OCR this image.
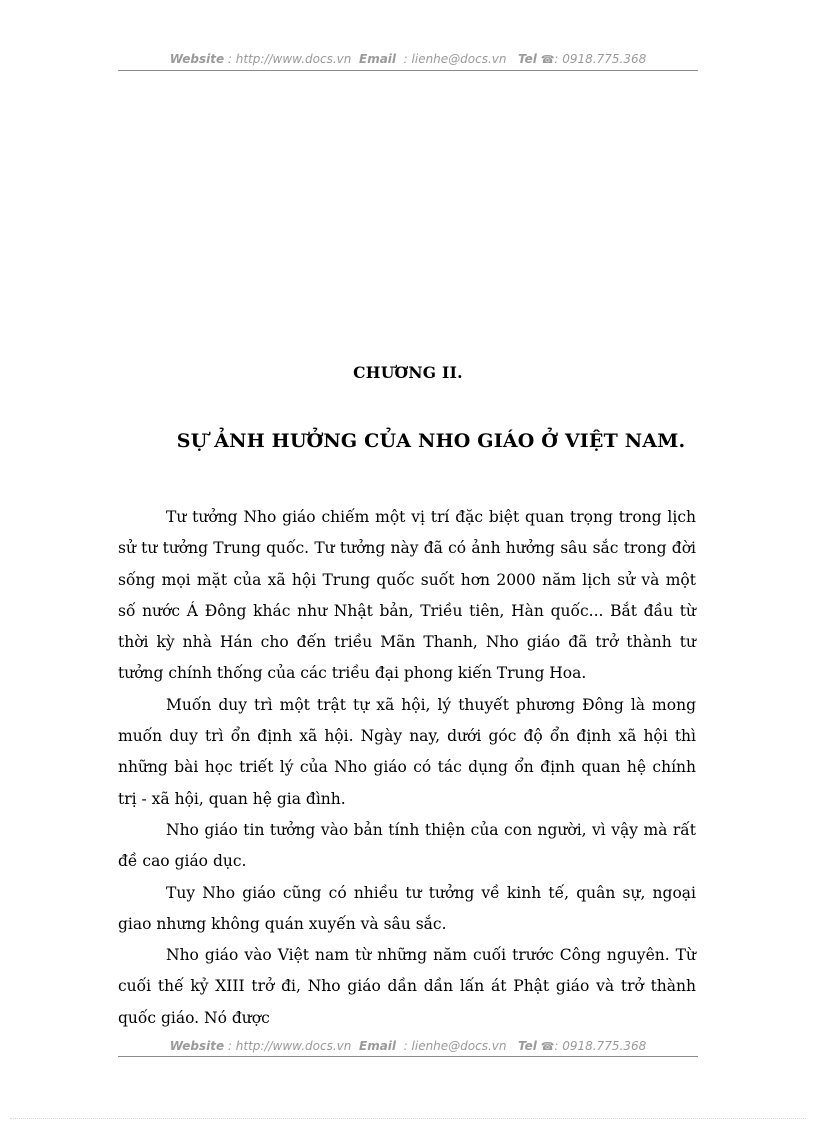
Website : http://www.docs.vn Email : lienhe@docs.vn Tel ☎: 0918.775.368
CHƯƠNG II.
SỰ ẢNH HƯỞNG CỦA NHO GIÁO Ở VIỆT NAM.

Tư tưởng Nho giáo chiếm một vị trí đặc biệt quan trọng trong lịch sử tư tưởng Trung quốc. Tư tưởng này đã có ảnh hưởng sâu sắc trong đời sống mọi mặt của xã hội Trung quốc suốt hơn 2000 năm lịch sử và một số nước Á Đông khác như Nhật bản, Triều tiên, Hàn quốc... Bắt đầu từ thời kỳ nhà Hán cho đến triều Mãn Thanh, Nho giáo đã trở thành tư tưởng chính thống của các triều đại phong kiến Trung Hoa.

Muốn duy trì một trật tự xã hội, lý thuyết phương Đông là mong muốn duy trì ổn định xã hội. Ngày nay, dưới góc độ ổn định xã hội thì những bài học triết lý của Nho giáo có tác dụng ổn định quan hệ chính trị - xã hội, quan hệ gia đình.

Nho giáo tin tưởng vào bản tính thiện của con người, vì vậy mà rất đề cao giáo dục.

Tuy Nho giáo cũng có nhiều tư tưởng về kinh tế, quân sự, ngoại giao nhưng không quán xuyến và sâu sắc.

Nho giáo vào Việt nam từ những năm cuối trước Công nguyên. Từ cuối thế kỷ XIII trở đi, Nho giáo dần dần lấn át Phật giáo và trở thành quốc giáo. Nó được

Website : http://www.docs.vn Email : lienhe@docs.vn Tel ☎: 0918.775.368
